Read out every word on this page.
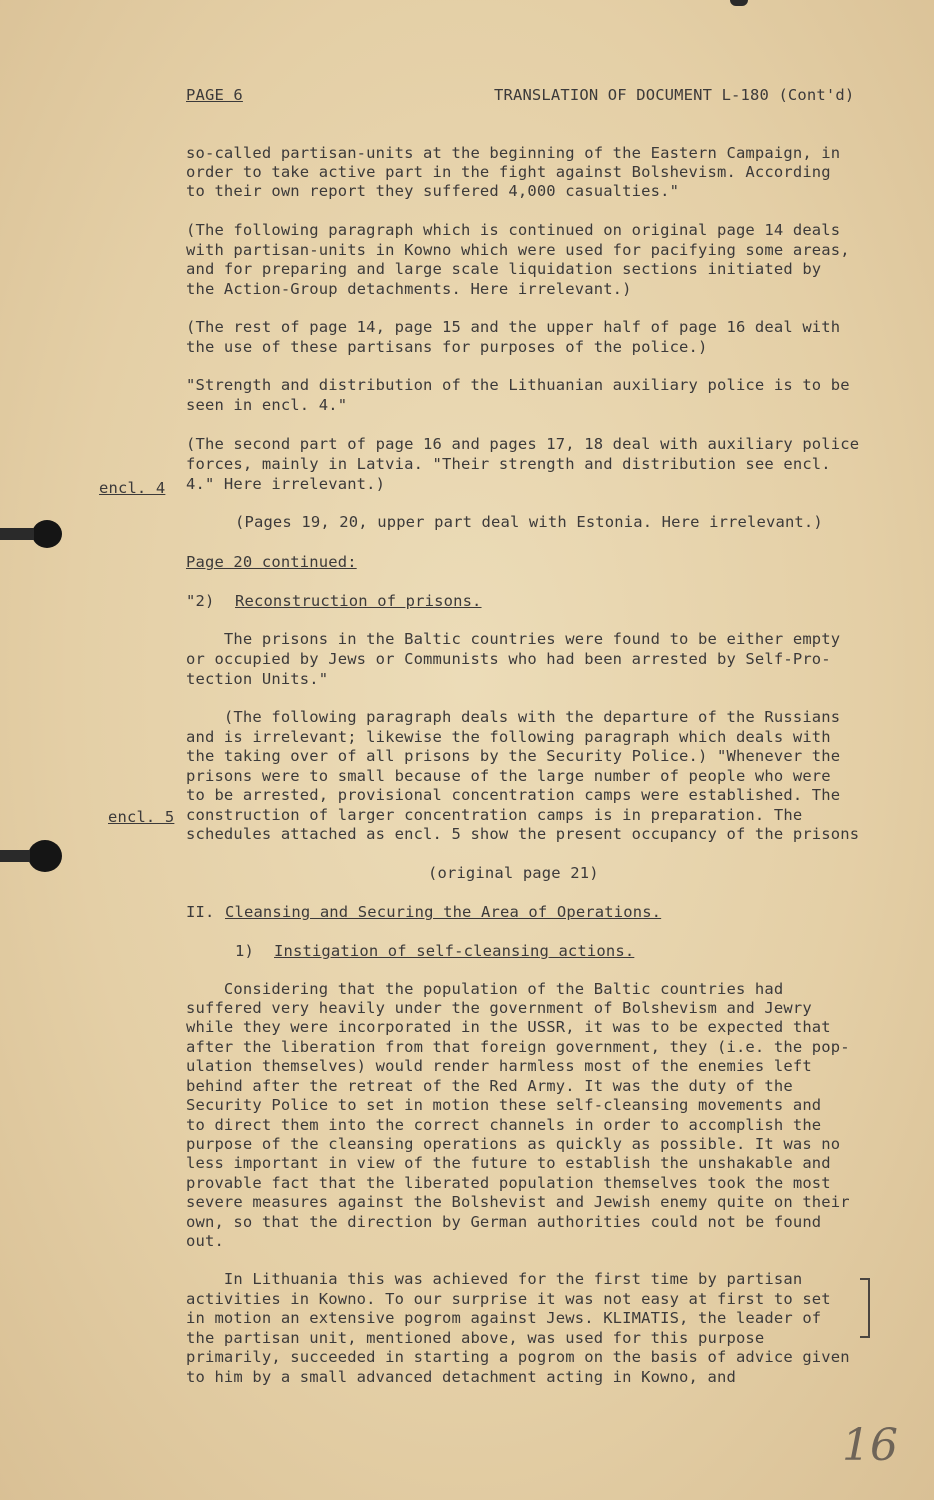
PAGE 6	TRANSLATION OF DOCUMENT L-180 (Cont'd)
so-called partisan-units at the beginning of the Eastern Campaign, in
order to take active part in the fight against Bolshevism. According
to their own report they suffered 4,000 casualties."
(The following paragraph which is continued on original page 14 deals
with partisan-units in Kowno which were used for pacifying some areas,
and for preparing and large scale liquidation sections initiated by
the Action-Group detachments. Here irrelevant.)
(The rest of page 14, page 15 and the upper half of page 16 deal with
the use of these partisans for purposes of the police.)
"Strength and distribution of the Lithuanian auxiliary police is to be
seen in encl. 4."
(The second part of page 16 and pages 17, 18 deal with auxiliary police
forces, mainly in Latvia. "Their strength and distribution see encl.
4." Here irrelevant.)
encl. 4
(Pages 19, 20, upper part deal with Estonia. Here irrelevant.)
Page 20 continued:
"2) Reconstruction of prisons.
The prisons in the Baltic countries were found to be either empty
or occupied by Jews or Communists who had been arrested by Self-Pro-
tection Units."
(The following paragraph deals with the departure of the Russians
and is irrelevant; likewise the following paragraph which deals with
the taking over of all prisons by the Security Police.) "Whenever the
prisons were to small because of the large number of people who were
to be arrested, provisional concentration camps were established. The
construction of larger concentration camps is in preparation. The
schedules attached as encl. 5 show the present occupancy of the prisons
encl. 5
(original page 21)
II. Cleansing and Securing the Area of Operations.
1) Instigation of self-cleansing actions.
Considering that the population of the Baltic countries had
suffered very heavily under the government of Bolshevism and Jewry
while they were incorporated in the USSR, it was to be expected that
after the liberation from that foreign government, they (i.e. the pop-
ulation themselves) would render harmless most of the enemies left
behind after the retreat of the Red Army. It was the duty of the
Security Police to set in motion these self-cleansing movements and
to direct them into the correct channels in order to accomplish the
purpose of the cleansing operations as quickly as possible. It was no
less important in view of the future to establish the unshakable and
provable fact that the liberated population themselves took the most
severe measures against the Bolshevist and Jewish enemy quite on their
own, so that the direction by German authorities could not be found
out.
In Lithuania this was achieved for the first time by partisan
activities in Kowno. To our surprise it was not easy at first to set
in motion an extensive pogrom against Jews. KLIMATIS, the leader of
the partisan unit, mentioned above, was used for this purpose
primarily, succeeded in starting a pogrom on the basis of advice given
to him by a small advanced detachment acting in Kowno, and
16
